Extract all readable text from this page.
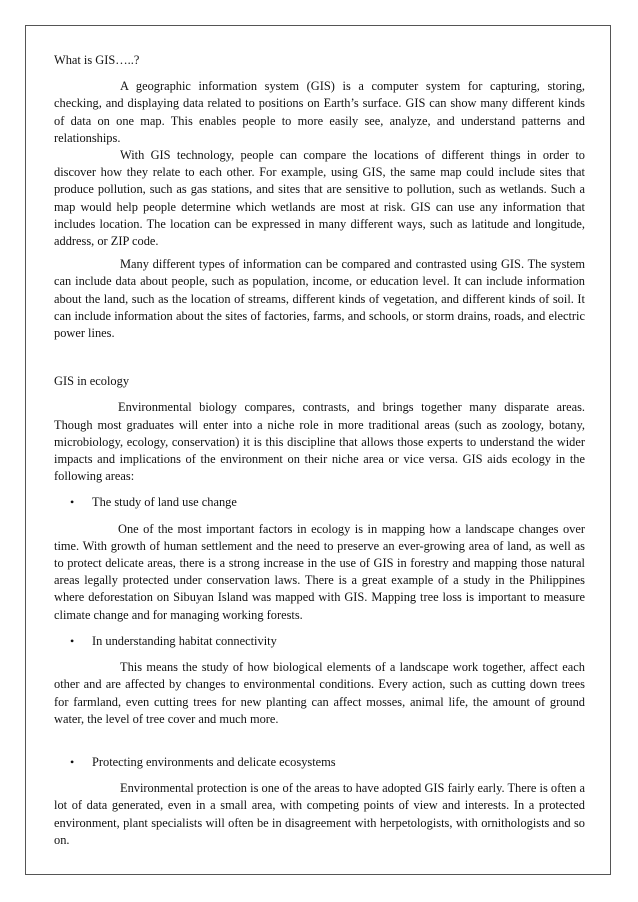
What is GIS…..?

A geographic information system (GIS) is a computer system for capturing, storing, checking, and displaying data related to positions on Earth’s surface. GIS can show many different kinds of data on one map. This enables people to more easily see, analyze, and understand patterns and relationships.

With GIS technology, people can compare the locations of different things in order to discover how they relate to each other. For example, using GIS, the same map could include sites that produce pollution, such as gas stations, and sites that are sensitive to pollution, such as wetlands. Such a map would help people determine which wetlands are most at risk. GIS can use any information that includes location. The location can be expressed in many different ways, such as latitude and longitude, address, or ZIP code.

Many different types of information can be compared and contrasted using GIS. The system can include data about people, such as population, income, or education level. It can include information about the land, such as the location of streams, different kinds of vegetation, and different kinds of soil. It can include information about the sites of factories, farms, and schools, or storm drains, roads, and electric power lines.

GIS in ecology

Environmental biology compares, contrasts, and brings together many disparate areas. Though most graduates will enter into a niche role in more traditional areas (such as zoology, botany, microbiology, ecology, conservation) it is this discipline that allows those experts to understand the wider impacts and implications of the environment on their niche area or vice versa. GIS aids ecology in the following areas:

•	The study of land use change

One of the most important factors in ecology is in mapping how a landscape changes over time. With growth of human settlement and the need to preserve an ever-growing area of land, as well as to protect delicate areas, there is a strong increase in the use of GIS in forestry and mapping those natural areas legally protected under conservation laws. There is a great example of a study in the Philippines where deforestation on Sibuyan Island was mapped with GIS. Mapping tree loss is important to measure climate change and for managing working forests.

•	In understanding habitat connectivity

This means the study of how biological elements of a landscape work together, affect each other and are affected by changes to environmental conditions. Every action, such as cutting down trees for farmland, even cutting trees for new planting can affect mosses, animal life, the amount of ground water, the level of tree cover and much more.

•	Protecting environments and delicate ecosystems

Environmental protection is one of the areas to have adopted GIS fairly early. There is often a lot of data generated, even in a small area, with competing points of view and interests. In a protected environment, plant specialists will often be in disagreement with herpetologists, with ornithologists and so on.
